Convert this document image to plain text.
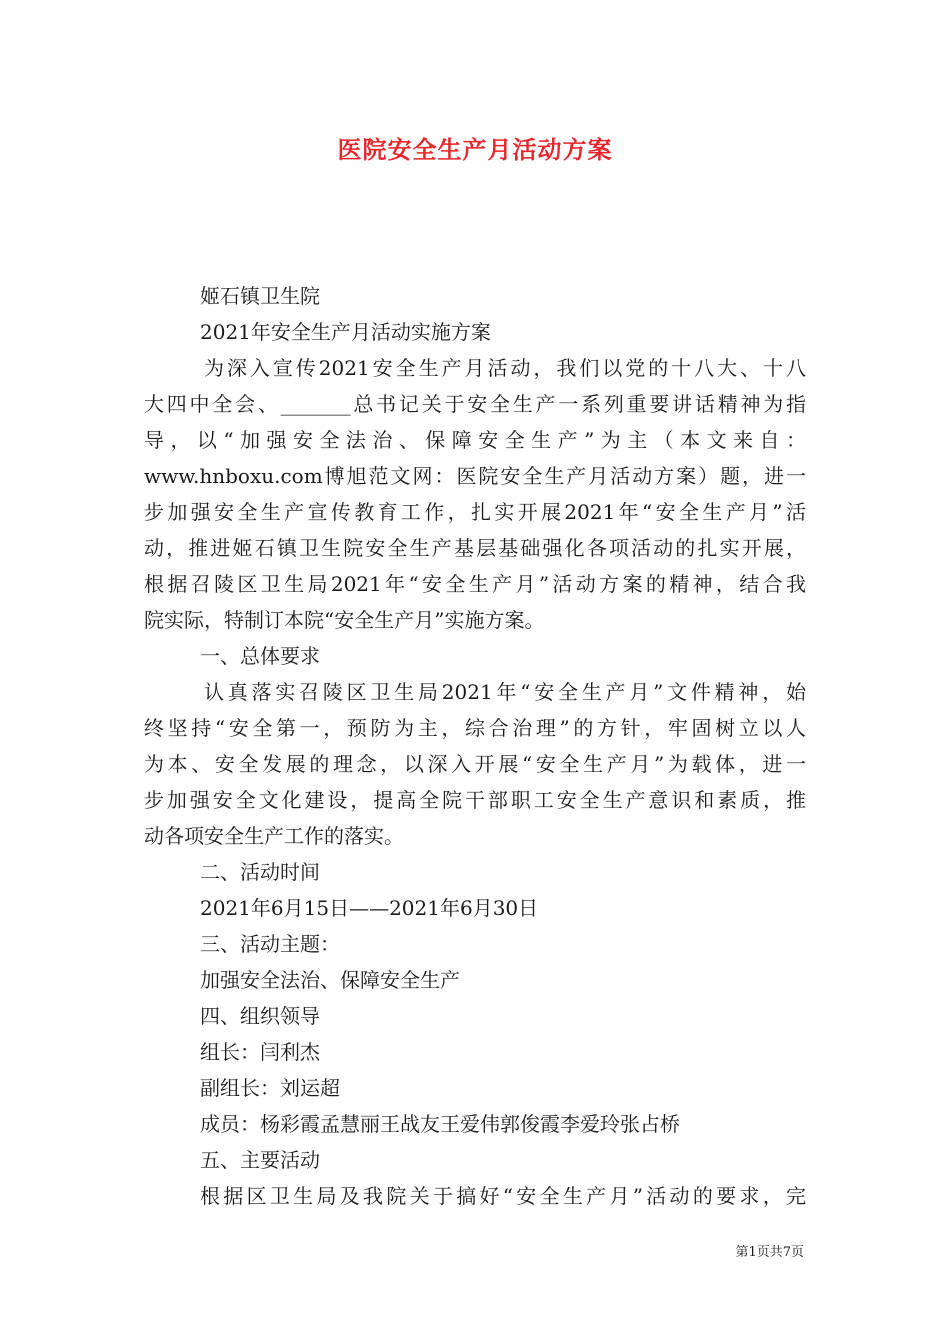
医院安全生产月活动方案
姬石镇卫生院
2021年安全生产月活动实施方案
为深入宣传2021安全生产月活动，我们以党的十八大、十八
大四中全会、_______总书记关于安全生产一系列重要讲话精神为指
导，以“加强安全法治、保障安全生产”为主（本文来自：
www.hnboxu.com博旭范文网：医院安全生产月活动方案）题，进一
步加强安全生产宣传教育工作，扎实开展2021年“安全生产月”活
动，推进姬石镇卫生院安全生产基层基础强化各项活动的扎实开展，
根据召陵区卫生局2021年“安全生产月”活动方案的精神，结合我
院实际，特制订本院“安全生产月”实施方案。
一、总体要求
认真落实召陵区卫生局2021年“安全生产月”文件精神，始
终坚持“安全第一，预防为主，综合治理”的方针，牢固树立以人
为本、安全发展的理念，以深入开展“安全生产月”为载体，进一
步加强安全文化建设，提高全院干部职工安全生产意识和素质，推
动各项安全生产工作的落实。
二、活动时间
2021年6月15日——2021年6月30日
三、活动主题：
加强安全法治、保障安全生产
四、组织领导
组长：闫利杰
副组长：刘运超
成员：杨彩霞孟慧丽王战友王爱伟郭俊霞李爱玲张占桥
五、主要活动
根据区卫生局及我院关于搞好“安全生产月”活动的要求，完
第1页共7页
